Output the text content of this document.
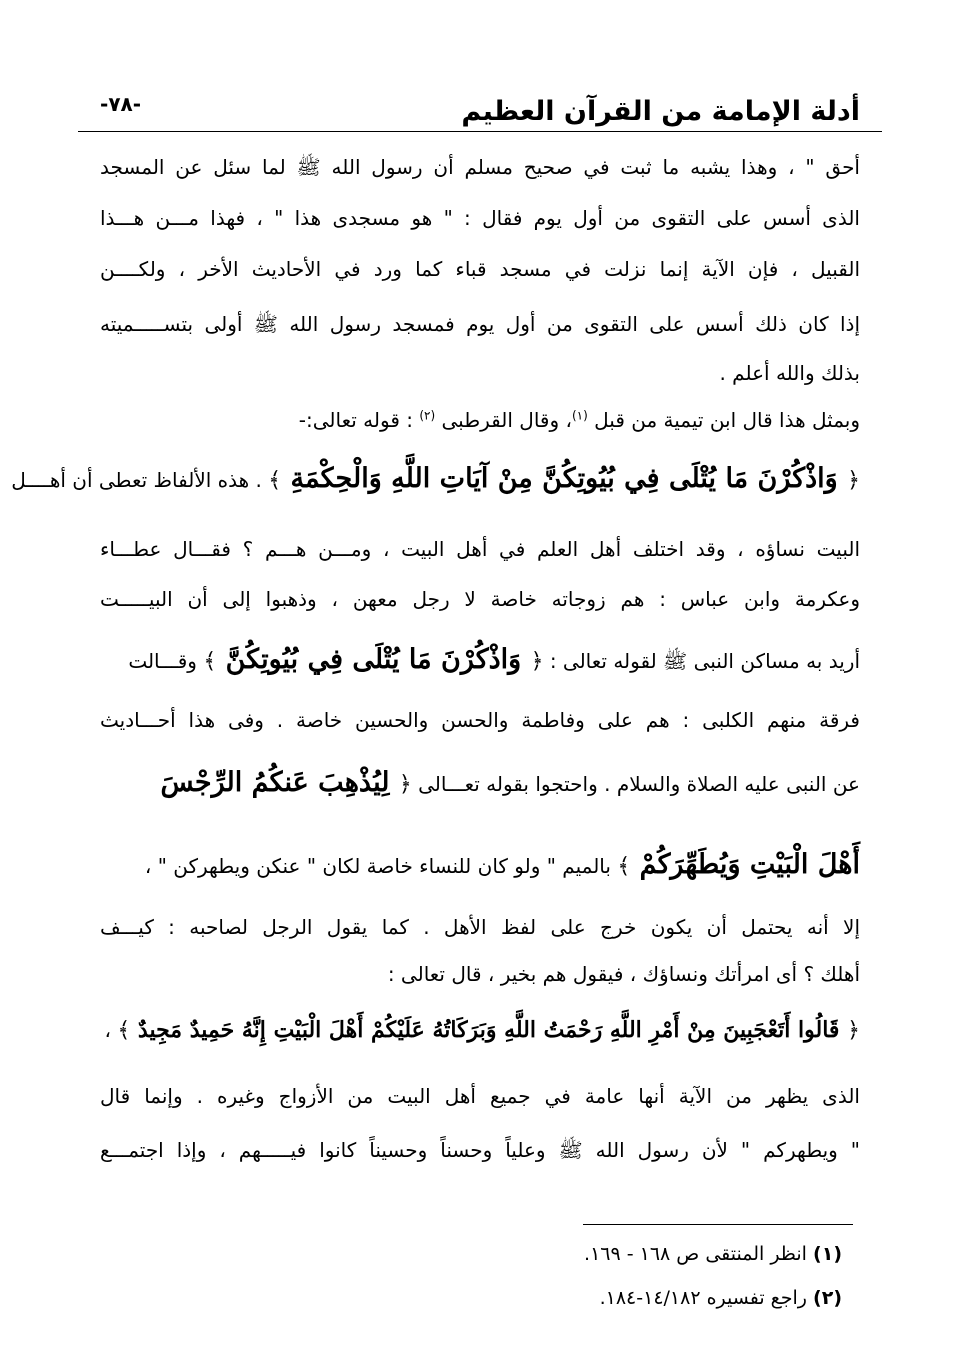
أدلة الإمامة من القرآن العظيم
-٧٨-
أحق " ، وهذا يشبه ما ثبت في صحيح مسلم أن رسول الله ﷺ لما سئل عن المسجد
الذى أسس على التقوى من أول يوم فقال : " هو مسجدى هذا " ، فهذا مـــن هـــذا
القبيل ، فإن الآية إنما نزلت في مسجد قباء كما ورد في الأحاديث الأخر ، ولكــــن
إذا كان ذلك أسس على التقوى من أول يوم فمسجد رسول الله ﷺ أولى بتســـــميته
بذلك والله أعلم .
وبمثل هذا قال ابن تيمية من قبل $^{(١)}$، وقال القرطبى $^{(٢)}$ : قوله تعالى:-
﴿ وَاذْكُرْنَ مَا يُتْلَى فِي بُيُوتِكُنَّ مِنْ آيَاتِ اللَّهِ وَالْحِكْمَةِ ﴾ . هذه الألفاظ تعطى أن أهــــل
البيت نساؤه ، وقد اختلف أهل العلم في أهل البيت ، ومـــن هـــم ؟ فقـــال عطـــاء
وعكرمة وابن عباس : هم زوجاته خاصة لا رجل معهن ، وذهبوا إلى أن البيـــــت
أريد به مساكن النبى ﷺ لقوله تعالى : ﴿ وَاذْكُرْنَ مَا يُتْلَى فِي بُيُوتِكُنَّ ﴾ وقـــالت
فرقة منهم الكلبى : هم على وفاطمة والحسن والحسين خاصة . وفى هذا أحـــاديث
عن النبى عليه الصلاة والسلام . واحتجوا بقوله تعـــالى ﴿ لِيُذْهِبَ عَنكُمُ الرِّجْسَ
أَهْلَ الْبَيْتِ وَيُطَهِّرَكُمْ ﴾ بالميم " ولو كان للنساء خاصة لكان " عنكن ويطهركن " ،
إلا أنه يحتمل أن يكون خرج على لفظ الأهل . كما يقول الرجل لصاحبه : كيـــف
أهلك ؟ أى امرأتك ونساؤك ، فيقول هم بخير ، قال تعالى :
﴿ قَالُوا أَتَعْجَبِينَ مِنْ أَمْرِ اللَّهِ رَحْمَتُ اللَّهِ وَبَرَكَاتُهُ عَلَيْكُمْ أَهْلَ الْبَيْتِ إِنَّهُ حَمِيدٌ مَجِيدٌ ﴾ ،
الذى يظهر من الآية أنها عامة في جميع أهل البيت من الأزواج وغيره . وإنما قال
" ويطهركم " لأن رسول الله ﷺ وعلياً وحسناً وحسيناً كانوا فيـــــهم ، وإذا اجتمـــع
(١) انظر المنتقى ص ١٦٨ - ١٦٩.
(٢) راجع تفسيره ١٤/١٨٢-١٨٤.
